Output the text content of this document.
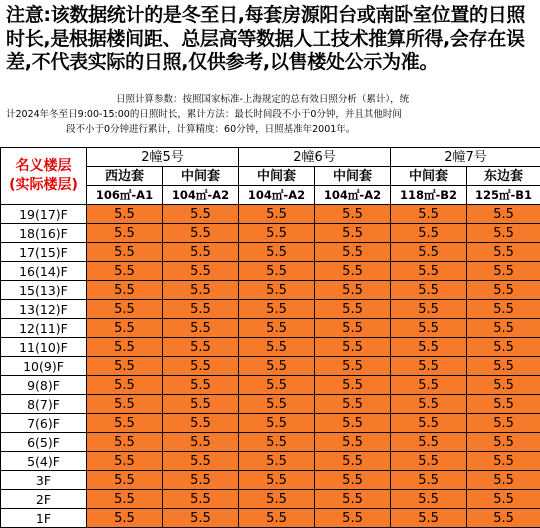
注意:该数据统计的是冬至日,每套房源阳台或南卧室位置的日照时长,是根据楼间距、总层高等数据人工技术推算所得,会存在误差,不代表实际的日照,仅供参考,以售楼处公示为准。
日照计算参数：按照国家标准-上海规定的总有效日照分析（累计），统
计2024年冬至日9:00-15:00的日照时长，累计方法：最长时间段不小于0分钟，并且其他时间
段不小于0分钟进行累计，计算精度：60分钟，日照基准年2001年。
名义楼层
(实际楼层)	2幢5号		2幢6号		2幢7号	
	西边套	中间套	中间套	中间套	中间套	东边套
	106㎡-A1	104㎡-A2	104㎡-A2	104㎡-A2	118㎡-B2	125㎡-B1
19(17)F	5.5	5.5	5.5	5.5	5.5	5.5
18(16)F	5.5	5.5	5.5	5.5	5.5	5.5
17(15)F	5.5	5.5	5.5	5.5	5.5	5.5
16(14)F	5.5	5.5	5.5	5.5	5.5	5.5
15(13)F	5.5	5.5	5.5	5.5	5.5	5.5
13(12)F	5.5	5.5	5.5	5.5	5.5	5.5
12(11)F	5.5	5.5	5.5	5.5	5.5	5.5
11(10)F	5.5	5.5	5.5	5.5	5.5	5.5
10(9)F	5.5	5.5	5.5	5.5	5.5	5.5
9(8)F	5.5	5.5	5.5	5.5	5.5	5.5
8(7)F	5.5	5.5	5.5	5.5	5.5	5.5
7(6)F	5.5	5.5	5.5	5.5	5.5	5.5
6(5)F	5.5	5.5	5.5	5.5	5.5	5.5
5(4)F	5.5	5.5	5.5	5.5	5.5	5.5
3F	5.5	5.5	5.5	5.5	5.5	5.5
2F	5.5	5.5	5.5	5.5	5.5	5.5
1F	5.5	5.5	5.5	5.5	5.5	5.5
